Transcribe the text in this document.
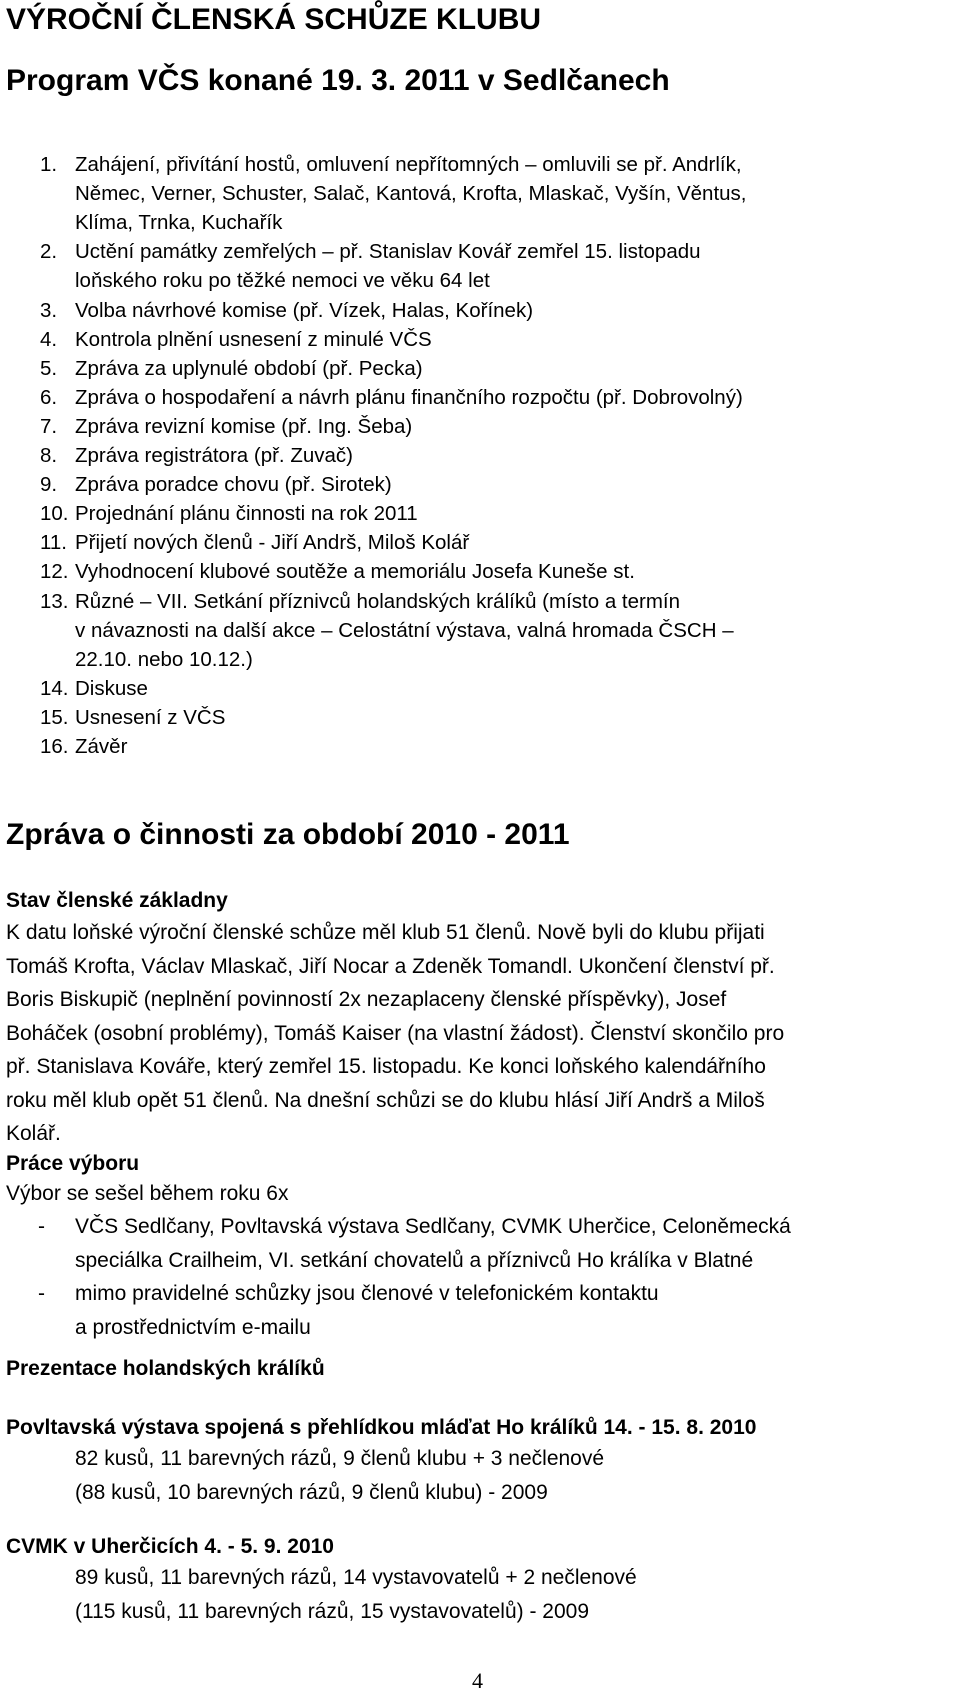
VÝROČNÍ ČLENSKÁ SCHŮZE KLUBU
Program VČS konané 19. 3. 2011 v Sedlčanech
1. Zahájení, přivítání hostů, omluvení nepřítomných – omluvili se př. Andrlík,
Němec, Verner, Schuster, Salač, Kantová, Krofta, Mlaskač, Vyšín, Věntus,
Klíma, Trnka, Kuchařík
2. Uctění památky zemřelých – př. Stanislav Kovář zemřel 15. listopadu
loňského roku po těžké nemoci ve věku 64 let
3. Volba návrhové komise (př. Vízek, Halas, Kořínek)
4. Kontrola plnění usnesení z minulé VČS
5. Zpráva za uplynulé období (př. Pecka)
6. Zpráva o hospodaření a návrh plánu finančního rozpočtu (př. Dobrovolný)
7. Zpráva revizní komise (př. Ing. Šeba)
8. Zpráva registrátora (př. Zuvač)
9. Zpráva poradce chovu (př. Sirotek)
10. Projednání plánu činnosti na rok 2011
11. Přijetí nových členů - Jiří Andrš, Miloš Kolář
12. Vyhodnocení klubové soutěže a memoriálu Josefa Kuneše st.
13. Různé – VII. Setkání příznivců holandských králíků (místo a termín
v návaznosti na další akce – Celostátní výstava, valná hromada ČSCH –
22.10. nebo 10.12.)
14. Diskuse
15. Usnesení z VČS
16. Závěr
Zpráva o činnosti za období 2010 - 2011
Stav členské základny
K datu loňské výroční členské schůze měl klub 51 členů. Nově byli do klubu přijati
Tomáš Krofta, Václav Mlaskač, Jiří Nocar a Zdeněk Tomandl. Ukončení členství př.
Boris Biskupič (neplnění povinností 2x nezaplaceny členské příspěvky), Josef
Boháček (osobní problémy), Tomáš Kaiser (na vlastní žádost). Členství skončilo pro
př. Stanislava Kováře, který zemřel 15. listopadu. Ke konci loňského kalendářního
roku měl klub opět 51 členů. Na dnešní schůzi se do klubu hlásí Jiří Andrš a Miloš
Kolář.
Práce výboru
Výbor se sešel během roku 6x
- VČS Sedlčany, Povltavská výstava Sedlčany, CVMK Uherčice, Celoněmecká
speciálka Crailheim, VI. setkání chovatelů a příznivců Ho králíka v Blatné
- mimo pravidelné schůzky jsou členové v telefonickém kontaktu
a prostřednictvím e-mailu
Prezentace holandských králíků
Povltavská výstava spojená s přehlídkou mláďat Ho králíků 14. - 15. 8. 2010
82 kusů, 11 barevných rázů, 9 členů klubu + 3 nečlenové
(88 kusů, 10 barevných rázů, 9 členů klubu) - 2009
CVMK v Uherčicích 4. - 5. 9. 2010
89 kusů, 11 barevných rázů, 14 vystavovatelů + 2 nečlenové
(115 kusů, 11 barevných rázů, 15 vystavovatelů) - 2009
4
